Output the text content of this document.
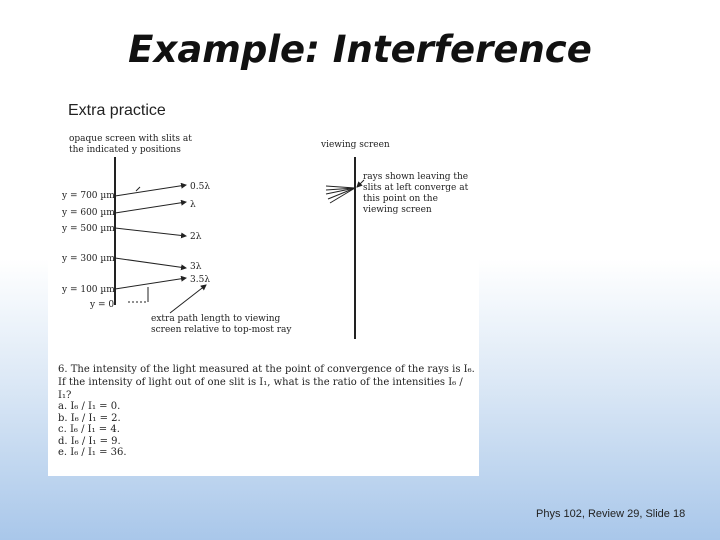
Example: Interference
Extra practice
opaque screen with slits at
the indicated y positions	viewing screen
y = 700 µm
y = 600 µm
y = 500 µm
y = 300 µm
y = 100 µm
y = 0
0.5λ
λ
2λ
3λ
3.5λ
extra path length to viewing
screen relative to top-most ray
rays shown leaving the
slits at left converge at
this point on the
viewing screen
6. The intensity of the light measured at the point of convergence of the rays is I₆. If the intensity of light out of one slit is I₁, what is the ratio of the intensities I₆ / I₁?
a. I₆ / I₁ = 0.
b. I₆ / I₁ = 2.
c. I₆ / I₁ = 4.
d. I₆ / I₁ = 9.
e. I₆ / I₁ = 36.
Phys 102, Review 29, Slide 18
